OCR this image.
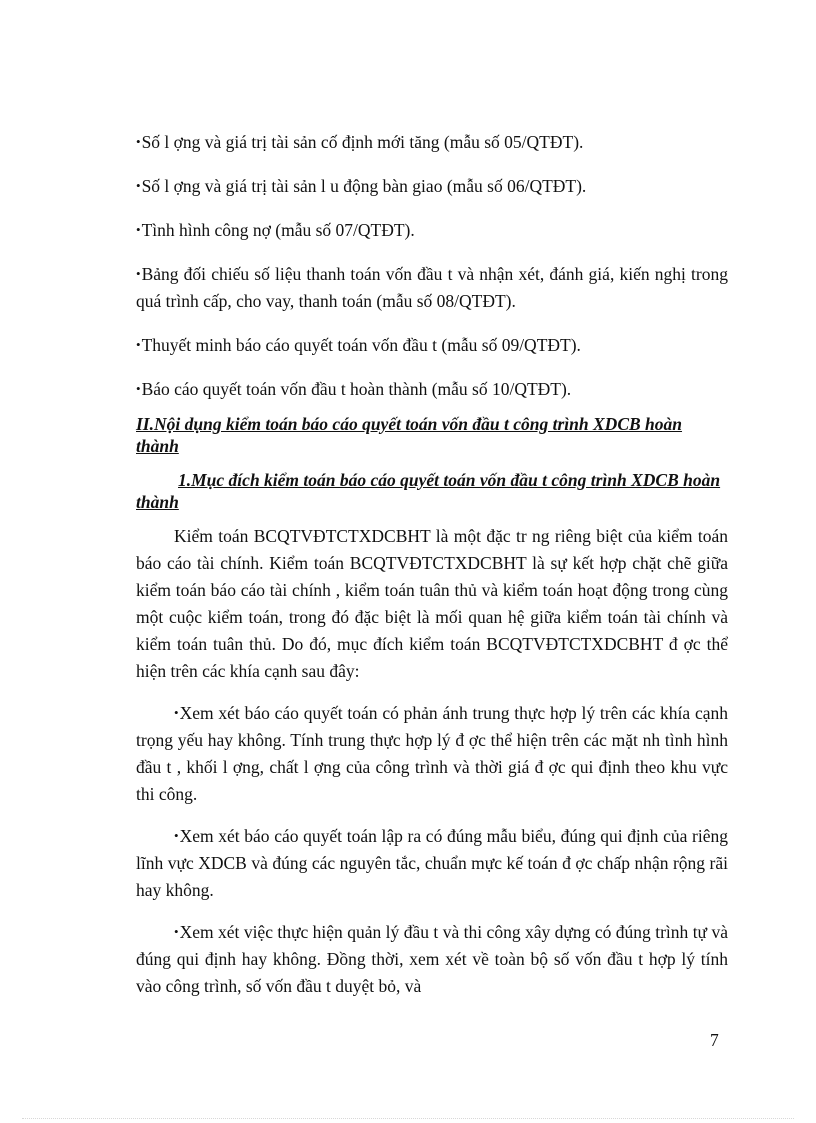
•Số l ợng và giá trị tài sản cố định mới tăng (mẫu số 05/QTĐT).

•Số l ợng và giá trị tài sản l u động bàn giao (mẫu số 06/QTĐT).

•Tình hình công nợ (mẫu số 07/QTĐT).

•Bảng đối chiếu số liệu thanh toán vốn đầu t và nhận xét, đánh giá, kiến nghị trong quá trình cấp, cho vay, thanh toán (mẫu số 08/QTĐT).

•Thuyết minh báo cáo quyết toán vốn đầu t (mẫu số 09/QTĐT).

•Báo cáo quyết toán vốn đầu t hoàn thành (mẫu số 10/QTĐT).

II.Nội dụng kiểm toán báo cáo quyết toán vốn đầu t công trình XDCB hoàn thành

1.Mục đích kiểm toán báo cáo quyết toán vốn đầu t công trình XDCB hoàn thành

Kiểm toán BCQTVĐTCTXDCBHT là một đặc tr ng riêng biệt của kiểm toán báo cáo tài chính. Kiểm toán BCQTVĐTCTXDCBHT là sự kết hợp chặt chẽ giữa kiểm toán báo cáo tài chính , kiểm toán tuân thủ và kiểm toán hoạt động trong cùng một cuộc kiểm toán, trong đó đặc biệt là mối quan hệ giữa kiểm toán tài chính và kiểm toán tuân thủ. Do đó, mục đích kiểm toán BCQTVĐTCTXDCBHT đ ợc thể hiện trên các khía cạnh sau đây:

•Xem xét báo cáo quyết toán có phản ánh trung thực hợp lý trên các khía cạnh trọng yếu hay không. Tính trung thực hợp lý đ ợc thể hiện trên các mặt nh tình hình đầu t , khối l ợng, chất l ợng của công trình và thời giá đ ợc qui định theo khu vực thi công.

•Xem xét báo cáo quyết toán lập ra có đúng mẫu biểu, đúng qui định của riêng lĩnh vực XDCB và đúng các nguyên tắc, chuẩn mực kế toán đ ợc chấp nhận rộng rãi hay không.

•Xem xét việc thực hiện quản lý đầu t và thi công xây dựng có đúng trình tự và đúng qui định hay không. Đồng thời, xem xét về toàn bộ số vốn đầu t hợp lý tính vào công trình, số vốn đầu t duyệt bỏ, và

7
